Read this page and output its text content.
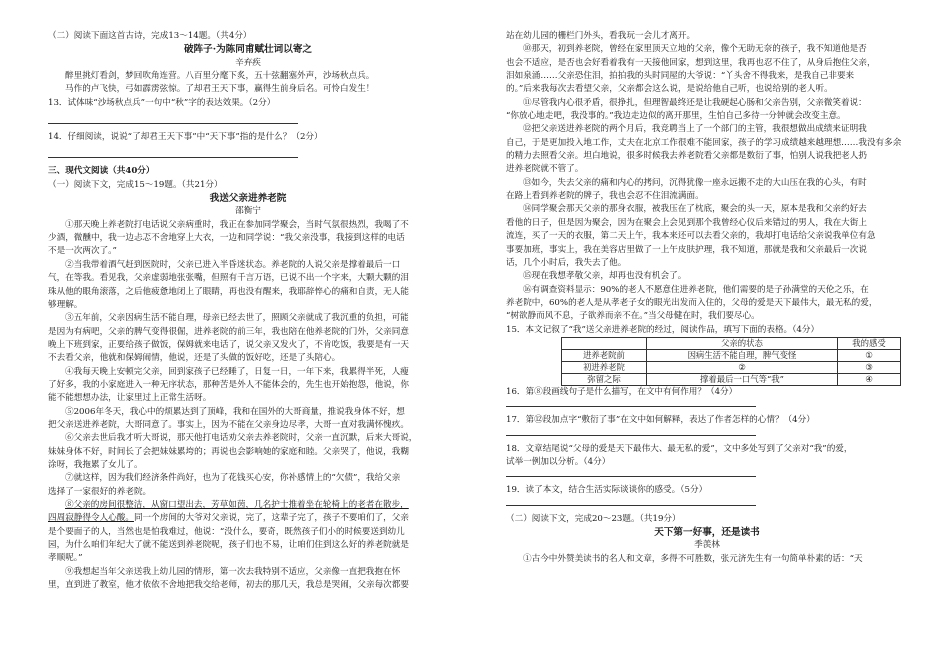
（二）阅读下面这首古诗，完成13～14题。（共4分）
破阵子·为陈同甫赋壮词以寄之
辛弃疾
醉里挑灯看剑，梦回吹角连营。八百里分麾下炙，五十弦翻塞外声，沙场秋点兵。
马作的卢飞快，弓如霹雳弦惊。了却君王天下事，赢得生前身后名。可怜白发生！
13．试体味“沙场秋点兵”一句中“秋”字的表达效果。（2分）
14．仔细阅读，说说“了却君王天下事”中“天下事”指的是什么？（2分）
三、现代文阅读（共40分）
（一）阅读下文，完成15～19题。（共21分）
我送父亲进养老院
邵衡宁
①那天晚上养老院打电话说父亲病重时，我正在参加同学聚会，当时气氛很热烈，我喝了不
少酒，微醺中，我一边忐忑不舍地穿上大衣，一边和同学说：“我父亲没事，我接到这样的电话
不是一次两次了。”
②当我带着酒气赶到医院时，父亲已进入半昏迷状态。养老院的人说父亲是撑着最后一口
气，在等我。看见我，父亲虚弱地张张嘴，但照有千言万语，已说不出一个字来，大颗大颗的泪
珠从他的眼角滚落，之后他疲惫地闭上了眼睛，再也没有醒来，我耶辞悴心的痛和自责，无人能
够理解。
③五年前，父亲因病生活不能自理，母亲已经去世了，照顾父亲就成了我沉重的负担，可能
是因为有病吧，父亲的脾气变得很倔，进养老院的前三年，我也陪在他养老院的门外，父亲同意
晚上下班到家，正要给孩子做饭，保姆就来电话了，说父亲又发火了，不肯吃饭，我要是有一天
不去看父亲，他就和保姆闹情，他说，还是了头做的饭好吃，还是了头陪心。
④我每天晚上安顿完父亲，回到家孩子已经睡了，日复一日，一年下来，我累得半死，人瘦
了好多，我的小家庭进入一种无序状态，那种苦是外人不能体会的，先生也开始抱怨，他说，你
能不能想想办法，让家里过上正常生活呀。
⑤2006年冬天，我心中的烦累达到了顶峰，我和在国外的大哥商量，推说我身体不好，想
把父亲送进养老院，大哥同意了。事实上，因为不能在父亲身边尽孝，大哥一直对我满怀愧疚。
⑥父亲去世后我才听大哥说，那天他打电话劝父亲去养老院时，父亲一直沉默，后来大哥说，
妹妹身体不好，时间长了会把妹妹累垮的；再说也会影响她的家庭和睦。父亲哭了，他说，我糊
涂呀，我拖累了女儿了。
⑦就这样，因为我们经济条件尚好，也为了花钱买心安，你补感情上的“欠债”，我给父亲
选择了一家很好的养老院。
⑧父亲的房间很整洁，从窗口望出去，芳草如茵，几名护士推着坐在轮椅上的老者在散步，
四周寂静得令人心酸。同一个房间的大爷对父亲说，完了，这辈子完了，孩子不要咱们了，父亲
是个要面子的人，当然也是怕我难过，他说：“没什么，要奇，既然孩子们小的时候要送到幼儿
园，为什么咱们年纪大了就不能送到养老院呢，孩子们也不易，让咱们住到这么好的养老院就是
孝顺呢。”
⑨我想起当年父亲送我上幼儿园的情形，第一次去我特别不适应，父亲像一直把我抱在怀
里，直到进了教室，他才依依不舍地把我交给老师，初去的那几天，我总是哭闹，父亲每次都要
站在幼儿园的栅栏门外头，看我玩一会儿才离开。
⑩那天，初到养老院，曾经在家里顶天立地的父亲，像个无助无奈的孩子，我不知道他是否
也会不适应，是否也会好看着我有一天接他回家，想到这里，我再也忍不住了，从身后抱住父亲，
泪如泉涌……父亲恐住泪，拍拍我的头时同屋的大爷说：“丫头舍不得我来，是我自己非要来
的。”后来我每次去看望父亲，父亲都会这么说，是说给他自己听，也说给别的老人听。
⑪尽管我内心很矛盾，很挣扎，但理智最终还是让我硬起心肠和父亲告别，父亲微笑着说：
“你放心地走吧，我没事的。”我边走边似的离开那里，生怕自己多待一分钟就会改变主意。
⑫把父亲送进养老院的两个月后，我竞聘当上了一个部门的主管，我很想做出成绩来证明我
自己，于是更加投入地工作，丈夫在北京工作很难不能回家，孩子的学习成绩越来越理想……我没有多余
的精力去照看父亲。坦白地说，很多时候我去养老院看父亲都是数衍了事，怕别人说我把老人扔
进养老院就不管了。
⑬如今，失去父亲的痛和内心的拷问，沉得犹像一座永远搬不走的大山压在我的心头，有时
在路上看到养老院的牌子，我也会忍不住泪流满面。
⑭同学聚会那天父亲的那身衣服，被我压在了枕底，聚会的头一天，原本是我和父亲约好去
看他的日子，但是因为聚会，因为在聚会上会见到那个我曾经心仪后来错过的男人，我在大街上
流连，买了一天的衣服，第二天上午，我本来还可以去看父亲的，我却打电话给父亲说我单位有急
事要加班，事实上，我在美容店里做了一上午皮肤护理，我不知道，那就是我和父亲最后一次说
话，几个小时后，我失去了他。
⑮现在我想孝敬父亲，却再也没有机会了。
⑯有调查资料显示：90%的老人不愿意住进养老院，他们需要的是子孙满堂的天伦之乐，在
养老院中，60%的老人是从孝老子女的眼光出发而入住的，父母的爱是天下最伟大，最无私的爱，
“树欲静而风不息，子欲养而亲不在。”当父母健在时，我们要尽心。
15．本文记叙了“我”送父亲进养老院的经过，阅读作品，填写下面的表格。（4分）
	父亲的状态	我的感受
进养老院前	因病生活不能自理，脾气变怪	①
初进养老院	②	③
弥留之际	撑着最后一口气等“我”	④
16．第⑧段画线句子是什么描写，在文中有何作用？（4分）
17．第⑫段加点字“敷衍了事”在文中如何解释，表达了作者怎样的心情？（4分）
18．文章结尾说“父母的爱是天下最伟大、最无私的爱”，文中多处写到了父亲对“我”的爱，
试举一例加以分析。（4分）
19．读了本文，结合生活实际谈谈你的感受。（5分）
（二）阅读下文，完成20～23题。（共19分）
天下第一好事，还是读书
季羡林
①古今中外赞美读书的名人和文章，多得不可胜数，张元济先生有一句简单朴素的话：“天
